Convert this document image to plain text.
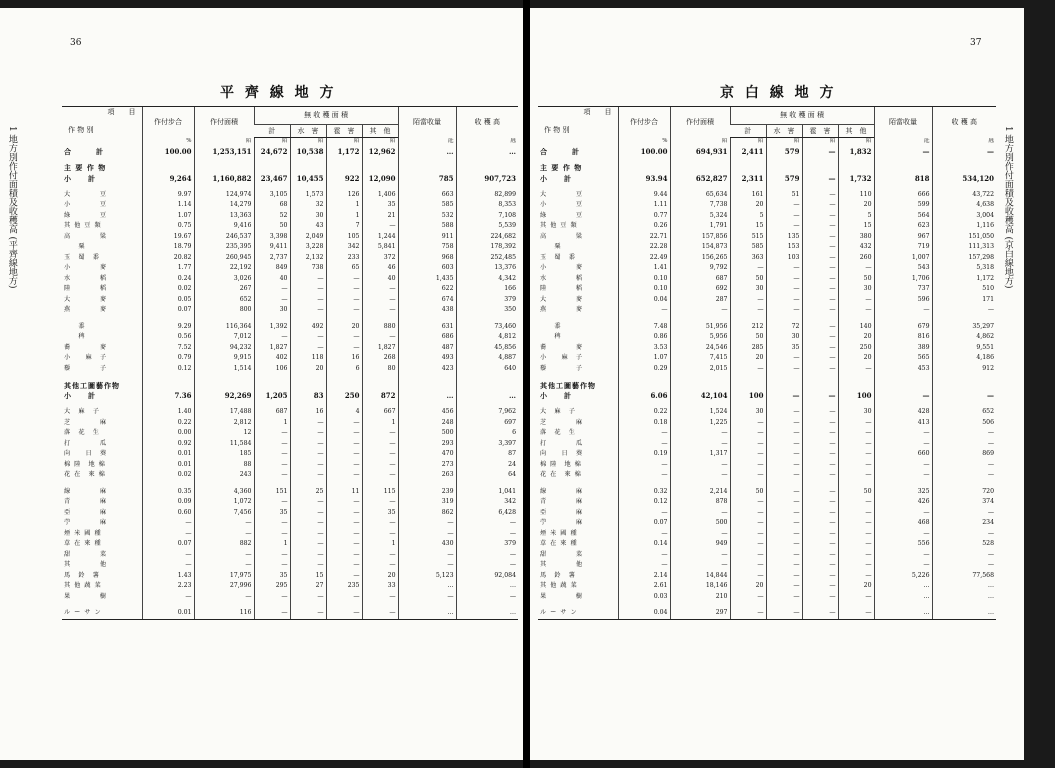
36
平 齊 線 地 方
1 地方別作付面積及收穫高 (平齊線地方)
項　　目
作 物 別	作付步合	作付面積	無 收 穫 面 積				陌當收量	收 穫 高
			計	水　害	雹　害	其　他		
	%	陌	陌	陌	陌	陌	瓩	瓲
合　　　計	100.00	1,253,151	24,672	10,538	1,172	12,962	…	…

主 要 作 物								
小　　計	9,264	1,160,882	23,467	10,455	922	12,090	785	907,723

大　　　　豆	9.97	124,974	3,105	1,573	126	1,406	663	82,899
小　　　　豆	1.14	14,279	68	32	1	35	585	8,353
綠　　　　豆	1.07	13,363	52	30	1	21	532	7,108
其 他 豆 類	0.75	9,416	50	43	7	—	588	5,539
高　　　　粱	19.67	246,537	3,398	2,049	105	1,244	911	224,682
　　粟	18.79	235,395	9,411	3,228	342	5,841	758	178,392
玉　蜀　黍	20.82	260,945	2,737	2,132	233	372	968	252,485
小　　　　麥	1.77	22,192	849	738	65	46	603	13,376
水　　　　稻	0.24	3,026	40	—	—	40	1,435	4,342
陸　　　　稻	0.02	267	—	—	—	—	622	166
大　　　　麥	0.05	652	—	—	—	—	674	379
燕　　　　麥	0.07	800	30	—	—	—	438	350

　　黍	9.29	116,364	1,392	492	20	880	631	73,460
　　稗	0.56	7,012	—	—	—	—	686	4,812
蕎　　　　麥	7.52	94,232	1,827	—	—	1,827	487	45,856
小　　麻　子	0.79	9,915	402	118	16	268	493	4,887
藜　　　　子	0.12	1,514	106	20	6	80	423	640

其他工圖藝作物								
小　　計	7.36	92,269	1,205	83	250	872	…	…

大　麻　子	1.40	17,488	687	16	4	667	456	7,962
芝　　　　麻	0.22	2,812	1	—	—	1	248	697
落　花　生	0.00	12	—	—	—	—	500	6
打　　　　瓜	0.92	11,584	—	—	—	—	293	3,397
向　　日　葵	0.01	185	—	—	—	—	470	87
棉 陸　地 棉	0.01	88	—	—	—	—	273	24
花 在　來 棉	0.02	243	—	—	—	—	263	64

線　　　　麻	0.35	4,360	151	25	11	115	239	1,041
青　　　　麻	0.09	1,072	—	—	—	—	319	342
亞　　　　麻	0.60	7,456	35	—	—	35	862	6,428
苧　　　　麻	—	—	—	—	—	—	—	—
煙 米 國 種	—	—	—	—	—	—	—	—
草 在 來 種	0.07	882	1	—	—	1	430	379
甜　　　　菜	—	—	—	—	—	—	—	—
其　　　　他	—	—	—	—	—	—	—	—
馬　鈴　薯	1.43	17,975	35	15	—	20	5,123	92,084
其 他 蔬 菜	2.23	27,996	295	27	235	33	…	…
果　　　　樹	—	—	—	—	—	—	—	—

ル ー サ ン	0.01	116	—	—	—	—	…	…
37
京 白 線 地 方
項　　目
作 物 別	作付步合	作付面積	無 收 穫 面 積				陌當收量	收 穫 高
			計	水　害	雹　害	其　他		
	%	陌	陌	陌	陌	陌	瓩	瓲
合　　　計	100.00	694,931	2,411	579	—	1,832	—	—

主 要 作 物								
小　　計	93.94	652,827	2,311	579	—	1,732	818	534,120

大　　　　豆	9.44	65,634	161	51	—	110	666	43,722
小　　　　豆	1.11	7,738	20	—	—	20	599	4,638
綠　　　　豆	0.77	5,324	5	—	—	5	564	3,004
其 他 豆 類	0.26	1,791	15	—	—	15	623	1,116
高　　　　粱	22.71	157,856	515	135	—	380	967	151,050
　　粟	22.28	154,873	585	153	—	432	719	111,313
玉　蜀　黍	22.49	156,265	363	103	—	260	1,007	157,298
小　　　　麥	1.41	9,792	—	—	—	—	543	5,318
水　　　　稻	0.10	687	50	—	—	50	1,706	1,172
陸　　　　稻	0.10	692	30	—	—	30	737	510
大　　　　麥	0.04	287	—	—	—	—	596	171
燕　　　　麥	—	—	—	—	—	—	—	—

　　黍	7.48	51,956	212	72	—	140	679	35,297
　　稗	0.86	5,956	50	30	—	20	816	4,862
蕎　　　　麥	3.53	24,546	285	35	—	250	389	9,551
小　　麻　子	1.07	7,415	20	—	—	20	565	4,186
藜　　　　子	0.29	2,015	—	—	—	—	453	912

其他工圖藝作物								
小　　計	6.06	42,104	100	—	—	100	—	—

大　麻　子	0.22	1,524	30	—	—	30	428	652
芝　　　　麻	0.18	1,225	—	—	—	—	413	506
落　花　生	—	—	—	—	—	—	—	—
打　　　　瓜	—	—	—	—	—	—	—	—
向　　日　葵	0.19	1,317	—	—	—	—	660	869
棉 陸　地 棉	—	—	—	—	—	—	—	—
花 在　來 棉	—	—	—	—	—	—	—	—

線　　　　麻	0.32	2,214	50	—	—	50	325	720
青　　　　麻	0.12	878	—	—	—	—	426	374
亞　　　　麻	—	—	—	—	—	—	—	—
苧　　　　麻	0.07	500	—	—	—	—	468	234
煙 米 國 種	—	—	—	—	—	—	—	—
草 在 來 種	0.14	949	—	—	—	—	556	528
甜　　　　菜	—	—	—	—	—	—	—	—
其　　　　他	—	—	—	—	—	—	—	—
馬　鈴　薯	2.14	14,844	—	—	—	—	5,226	77,568
其 他 蔬 菜	2.61	18,146	20	—	—	20	…	…
果　　　　樹	0.03	210	—	—	—	—	…	…

ル ー サ ン	0.04	297	—	—	—	—	…	…
1 地方別作付面積及收穫高 (京白線地方)
